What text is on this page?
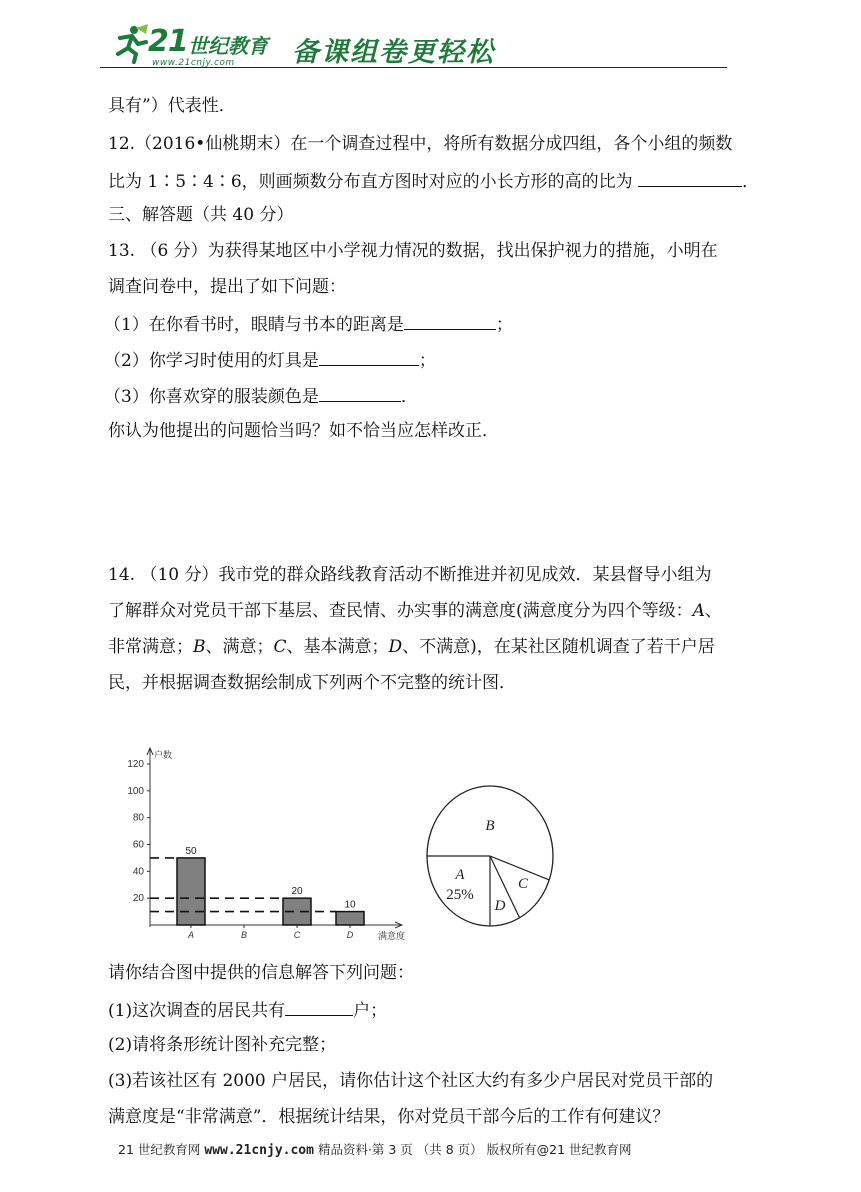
21 世纪教育
www.21cnjy.com 备课组卷更轻松
具有”）代表性．
12.（2016•仙桃期末）在一个调查过程中，将所有数据分成四组，各个小组的频数
比为 1∶5∶4∶6，则画频数分布直方图时对应的小长方形的高的比为	．
三、解答题（共 40 分）
13. （6 分）为获得某地区中小学视力情况的数据，找出保护视力的措施，小明在
调查问卷中，提出了如下问题：
（1）在你看书时，眼睛与书本的距离是	；
（2）你学习时使用的灯具是	；
（3）你喜欢穿的服装颜色是	．
你认为他提出的问题恰当吗？如不恰当应怎样改正．
14. （10 分）我市党的群众路线教育活动不断推进并初见成效．某县督导小组为
了解群众对党员干部下基层、查民情、办实事的满意度(满意度分为四个等级：A、
非常满意；B、满意；C、基本满意；D、不满意)，在某社区随机调查了若干户居
民，并根据调查数据绘制成下列两个不完整的统计图．
户数
满意度
20
40
60
80
100
120
A
50
B	C
20
D
10
A
25%
B
C
D
请你结合图中提供的信息解答下列问题：
(1)这次调查的居民共有	户；
(2)请将条形统计图补充完整；
(3)若该社区有 2000 户居民，请你估计这个社区大约有多少户居民对党员干部的
满意度是“非常满意”．根据统计结果，你对党员干部今后的工作有何建议？
21 世纪教育网 www.21cnjy.com 精品资料·第 3 页 （共 8 页） 版权所有@21 世纪教育网
